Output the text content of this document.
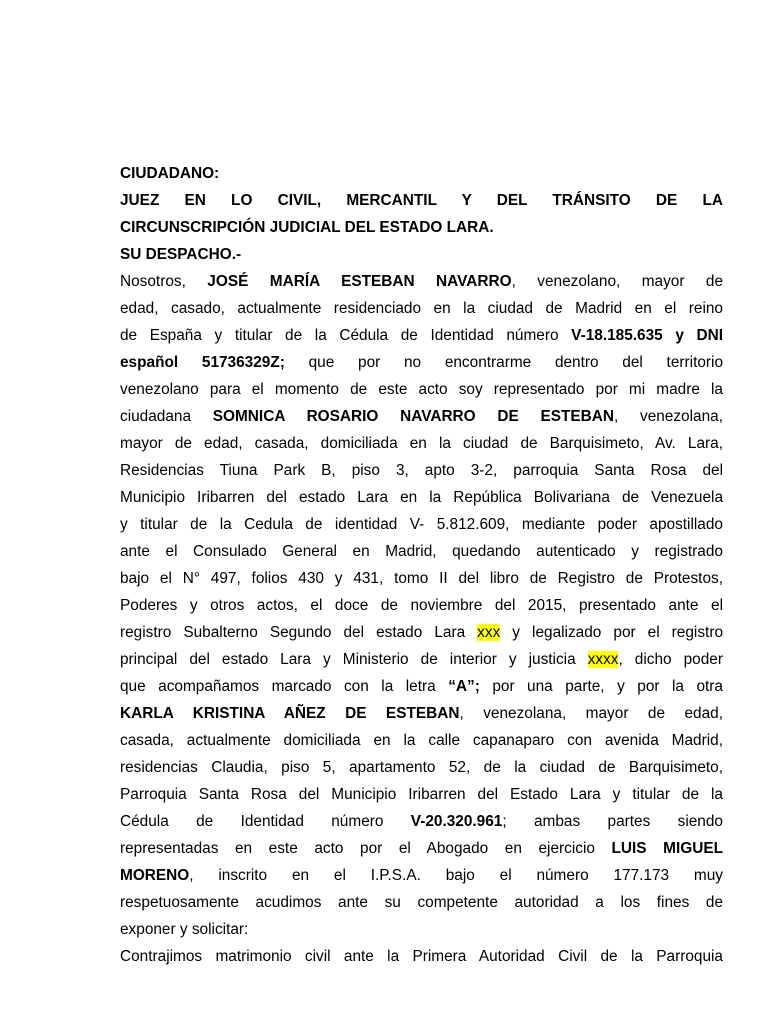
CIUDADANO:
JUEZ EN LO CIVIL, MERCANTIL Y DEL TRÁNSITO DE LA
CIRCUNSCRIPCIÓN JUDICIAL DEL ESTADO LARA.
SU DESPACHO.-
Nosotros, JOSÉ MARÍA ESTEBAN NAVARRO, venezolano, mayor de
edad, casado, actualmente residenciado en la ciudad de Madrid en el reino
de España y titular de la Cédula de Identidad número V-18.185.635 y DNI
español 51736329Z; que por no encontrarme dentro del territorio
venezolano para el momento de este acto soy representado por mi madre la
ciudadana SOMNICA ROSARIO NAVARRO DE ESTEBAN, venezolana,
mayor de edad, casada, domiciliada en la ciudad de Barquisimeto, Av. Lara,
Residencias Tiuna Park B, piso 3, apto 3-2, parroquia Santa Rosa del
Municipio Iribarren del estado Lara en la República Bolivariana de Venezuela
y titular de la Cedula de identidad V- 5.812.609, mediante poder apostillado
ante el Consulado General en Madrid, quedando autenticado y registrado
bajo el N° 497, folios 430 y 431, tomo II del libro de Registro de Protestos,
Poderes y otros actos, el doce de noviembre del 2015, presentado ante el
registro Subalterno Segundo del estado Lara xxx y legalizado por el registro
principal del estado Lara y Ministerio de interior y justicia xxxx, dicho poder
que acompañamos marcado con la letra “A”; por una parte, y por la otra
KARLA KRISTINA AÑEZ DE ESTEBAN, venezolana, mayor de edad,
casada, actualmente domiciliada en la calle capanaparo con avenida Madrid,
residencias Claudia, piso 5, apartamento 52, de la ciudad de Barquisimeto,
Parroquia Santa Rosa del Municipio Iribarren del Estado Lara y titular de la
Cédula de Identidad número V-20.320.961; ambas partes siendo
representadas en este acto por el Abogado en ejercicio LUIS MIGUEL
MORENO, inscrito en el I.P.S.A. bajo el número 177.173 muy
respetuosamente acudimos ante su competente autoridad a los fines de
exponer y solicitar:
Contrajimos matrimonio civil ante la Primera Autoridad Civil de la Parroquia
